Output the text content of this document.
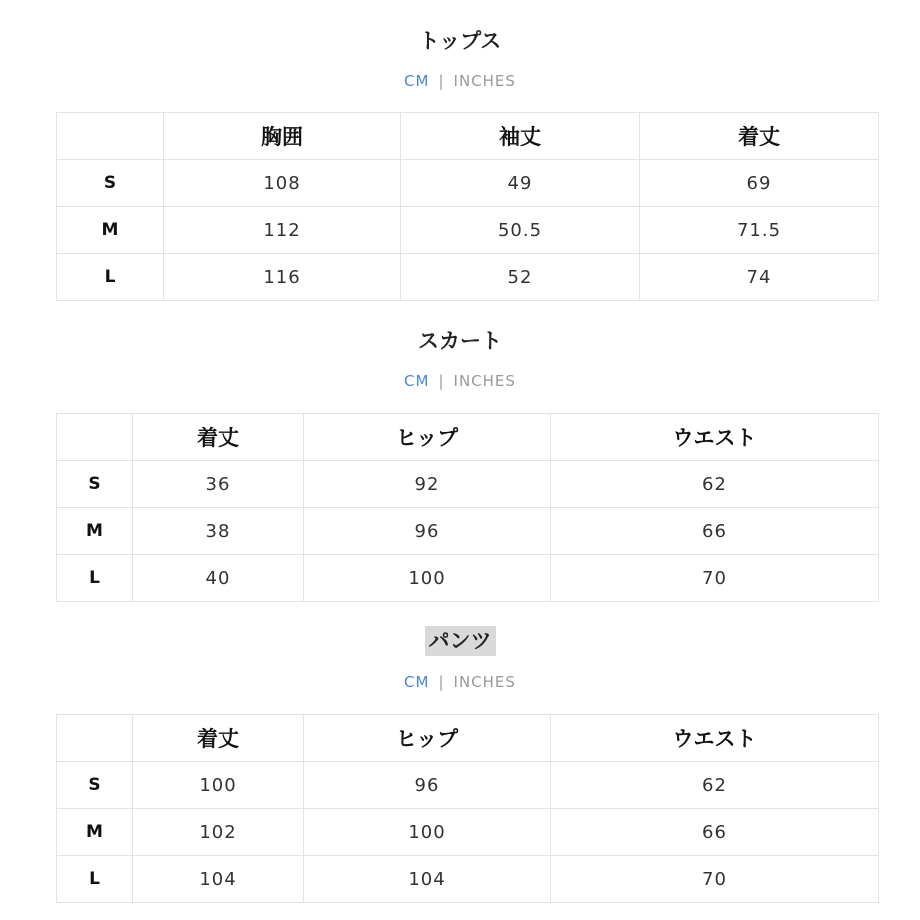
トップス
CM | INCHES
	胸囲	袖丈	着丈
S	108	49	69
M	112	50.5	71.5
L	116	52	74
スカート
CM | INCHES
	着丈	ヒップ	ウエスト
S	36	92	62
M	38	96	66
L	40	100	70
パンツ
CM | INCHES
	着丈	ヒップ	ウエスト
S	100	96	62
M	102	100	66
L	104	104	70
